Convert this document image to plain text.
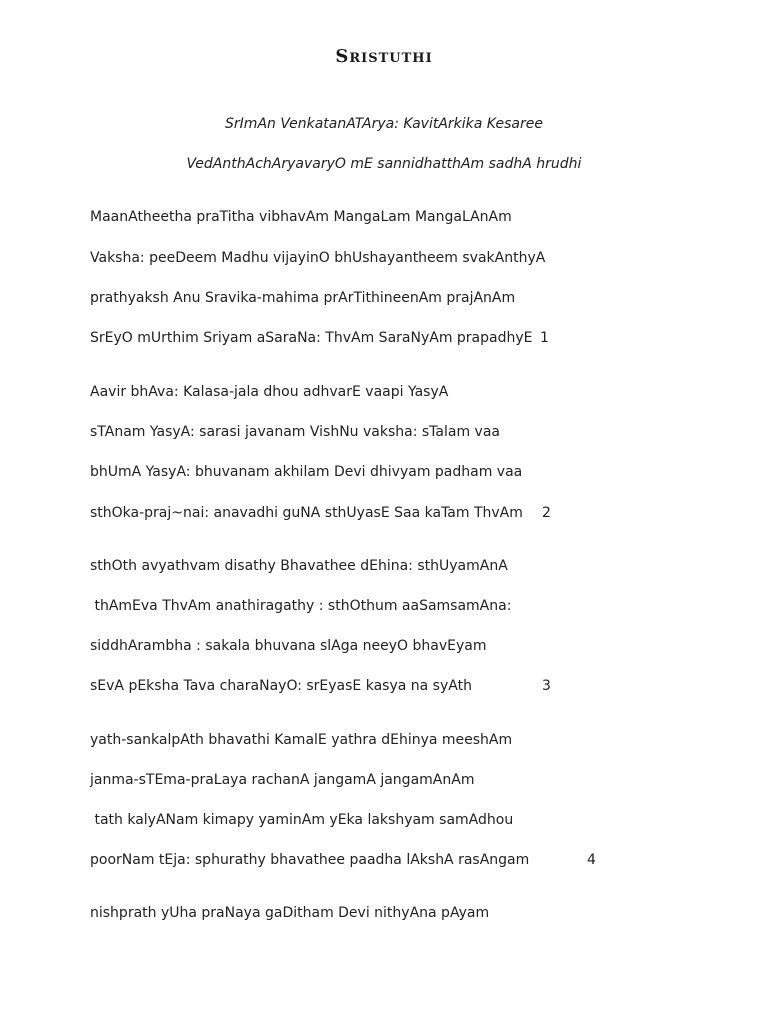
Sristuthi

SrImAn VenkatanATArya: KavitArkika Kesaree

VedAnthAchAryavaryO mE sannidhatthAm sadhA hrudhi

MaanAtheetha praTitha vibhavAm MangaLam MangaLAnAm

Vaksha: peeDeem Madhu vijayinO bhUshayantheem svakAnthyA

prathyaksh Anu Sravika-mahima prArTithineenAm prajAnAm

SrEyO mUrthim Sriyam aSaraNa: ThvAm SaraNyAm prapadhyE 1

Aavir bhAva: Kalasa-jala dhou adhvarE vaapi YasyA

sTAnam YasyA: sarasi javanam VishNu vaksha: sTalam vaa

bhUmA YasyA: bhuvanam akhilam Devi dhivyam padham vaa

sthOka-praj~nai: anavadhi guNA sthUyasE Saa kaTam ThvAm 2

sthOth avyathvam disathy Bhavathee dEhina: sthUyamAnA

thAmEva ThvAm anathiragathy : sthOthum aaSamsamAna:

siddhArambha : sakala bhuvana slAga neeyO bhavEyam

sEvA pEksha Tava charaNayO: srEyasE kasya na syAth	3

yath-sankalpAth bhavathi KamalE yathra dEhinya meeshAm

janma-sTEma-praLaya rachanA jangamA jangamAnAm

tath kalyANam kimapy yaminAm yEka lakshyam samAdhou

poorNam tEja: sphurathy bhavathee paadha lAkshA rasAngam	4

nishprath yUha praNaya gaDitham Devi nithyAna pAyam
